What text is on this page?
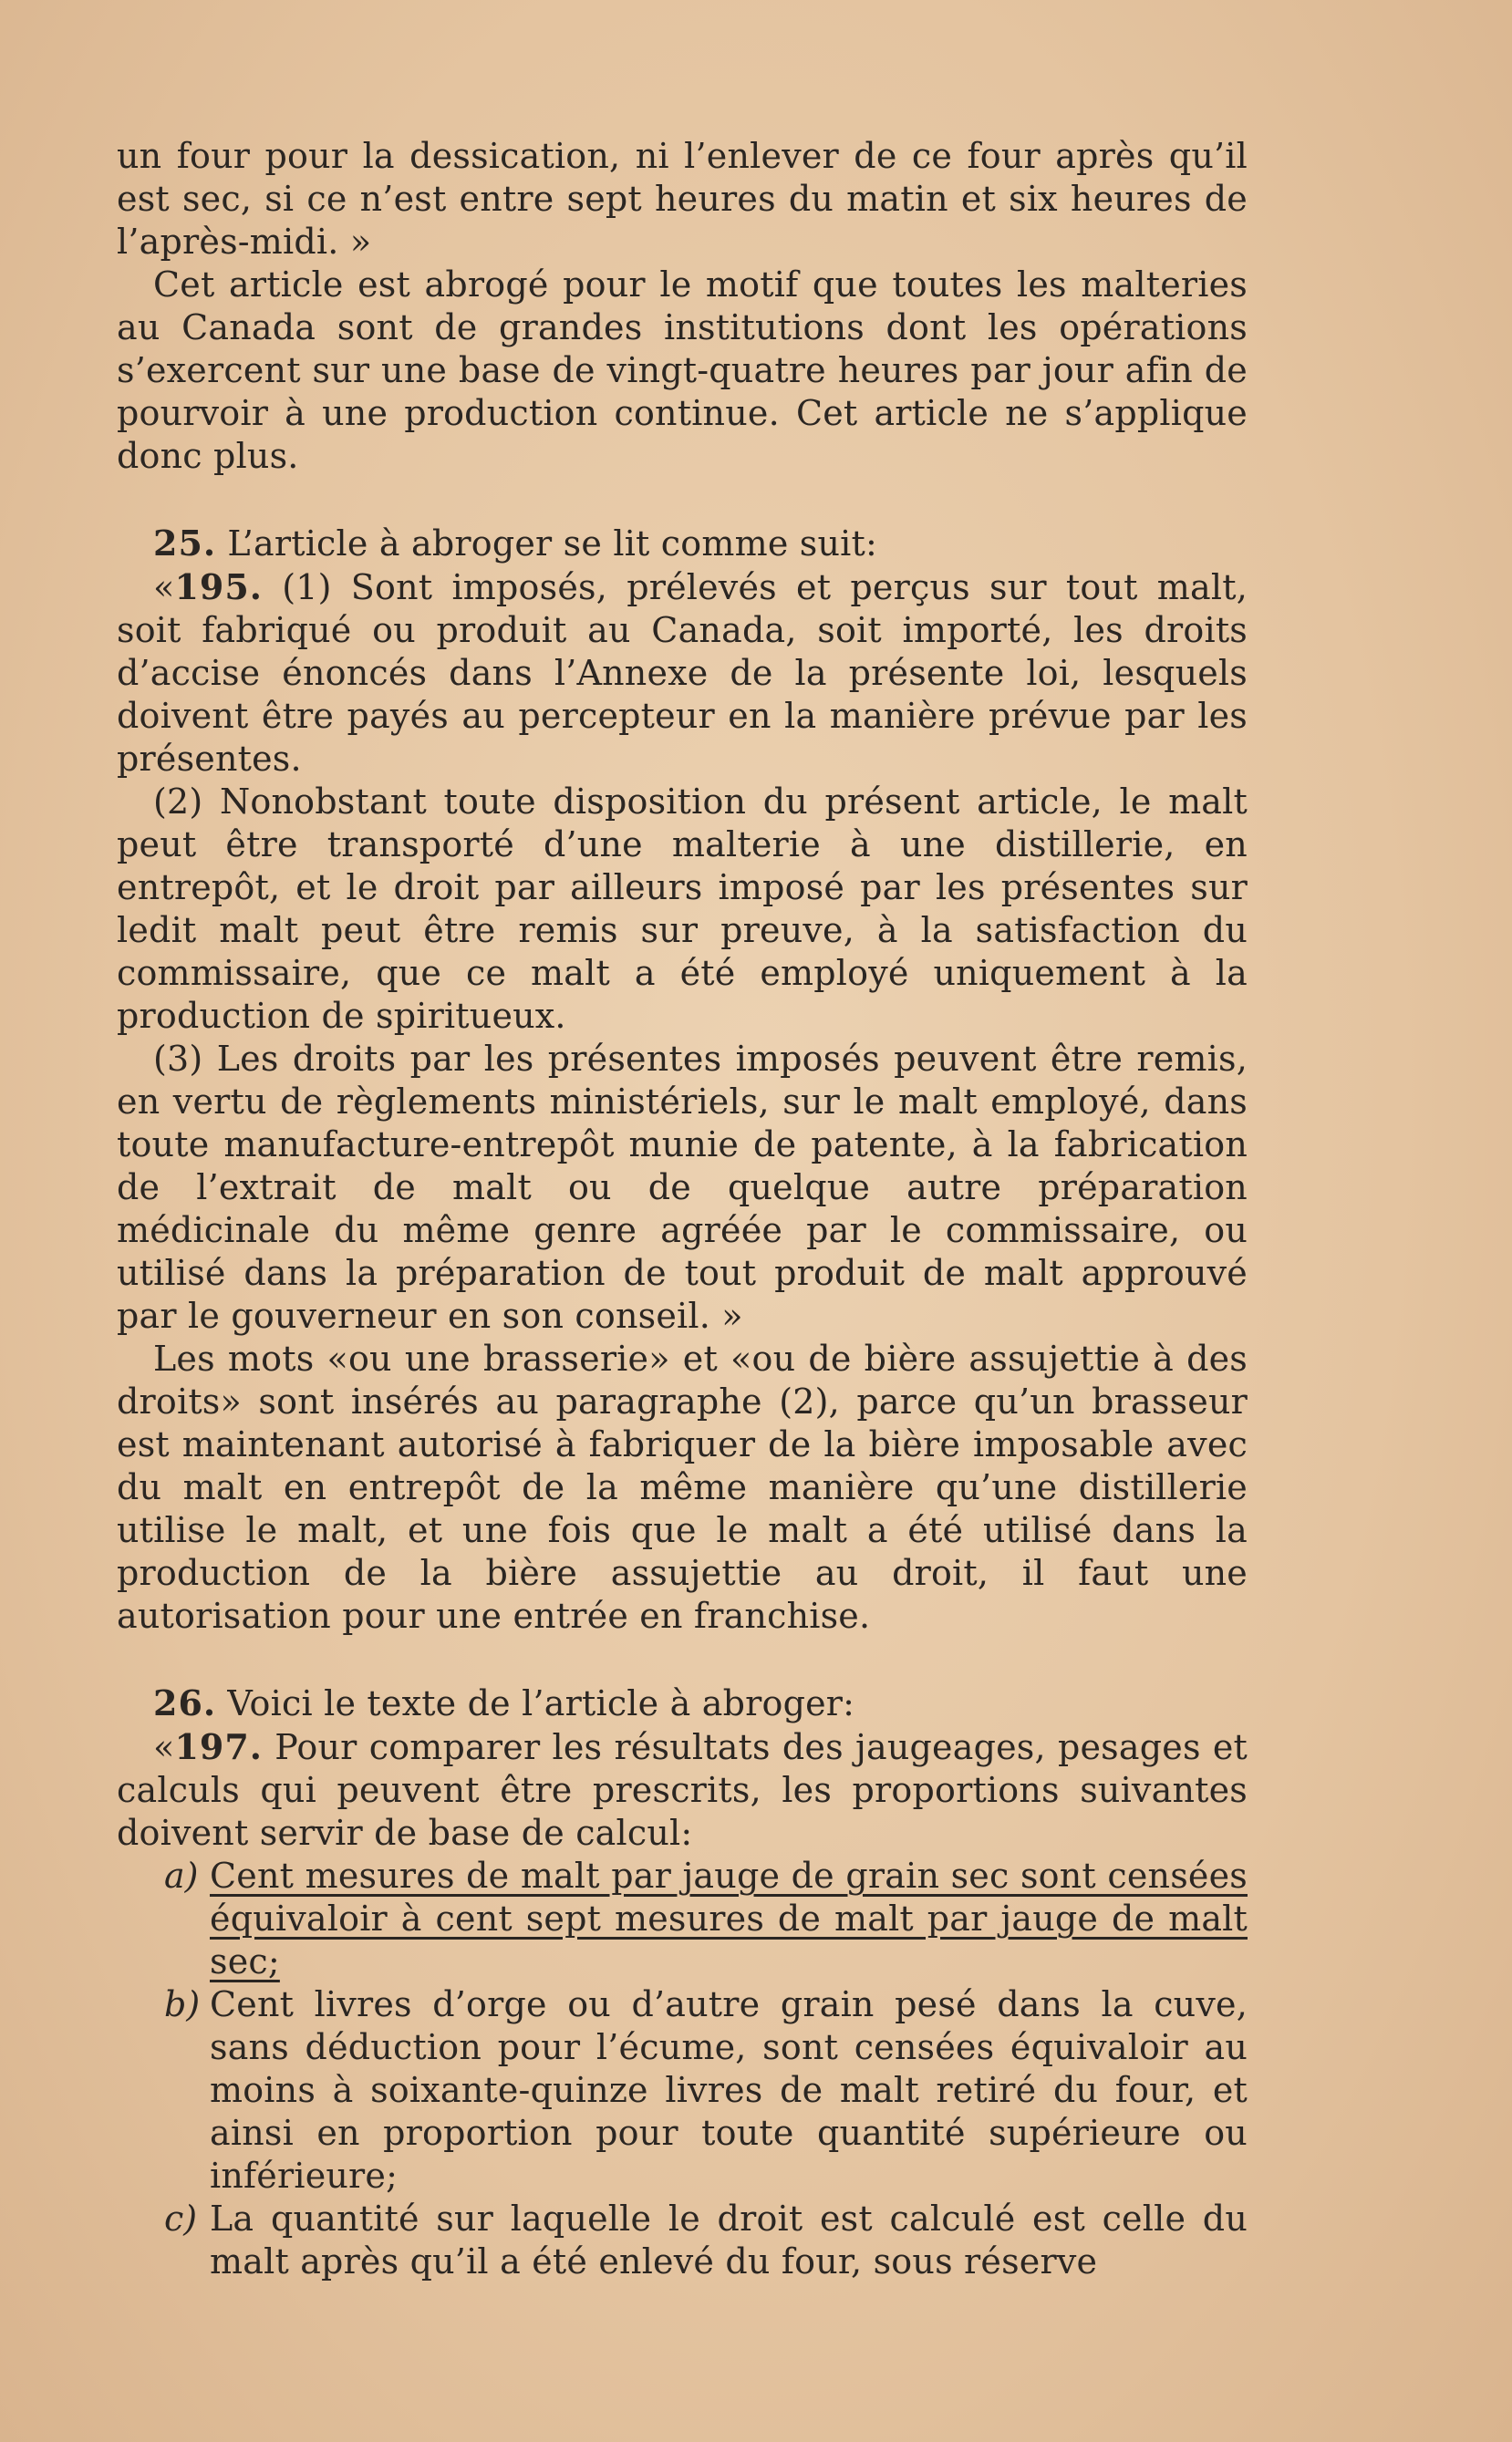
un four pour la dessication, ni l’enlever de ce four après qu’il est sec, si ce n’est entre sept heures du matin et six heures de l’après-midi. »

Cet article est abrogé pour le motif que toutes les malteries au Canada sont de grandes institutions dont les opérations s’exercent sur une base de vingt-quatre heures par jour afin de pourvoir à une production continue. Cet article ne s’applique donc plus.

25. L’article à abroger se lit comme suit:

«195. (1) Sont imposés, prélevés et perçus sur tout malt, soit fabriqué ou produit au Canada, soit importé, les droits d’accise énoncés dans l’Annexe de la présente loi, lesquels doivent être payés au percepteur en la manière prévue par les présentes.

(2) Nonobstant toute disposition du présent article, le malt peut être transporté d’une malterie à une distillerie, en entrepôt, et le droit par ailleurs imposé par les présentes sur ledit malt peut être remis sur preuve, à la satisfaction du commissaire, que ce malt a été employé uniquement à la production de spiritueux.

(3) Les droits par les présentes imposés peuvent être remis, en vertu de règlements ministériels, sur le malt employé, dans toute manufacture-entrepôt munie de patente, à la fabrication de l’extrait de malt ou de quelque autre préparation médicinale du même genre agréée par le commissaire, ou utilisé dans la préparation de tout produit de malt approuvé par le gouverneur en son conseil. »

Les mots «ou une brasserie» et «ou de bière assujettie à des droits» sont insérés au paragraphe (2), parce qu’un brasseur est maintenant autorisé à fabriquer de la bière imposable avec du malt en entrepôt de la même manière qu’une distillerie utilise le malt, et une fois que le malt a été utilisé dans la production de la bière assujettie au droit, il faut une autorisation pour une entrée en franchise.

26. Voici le texte de l’article à abroger:

«197. Pour comparer les résultats des jaugeages, pesages et calculs qui peuvent être prescrits, les proportions suivantes doivent servir de base de calcul:

a) Cent mesures de malt par jauge de grain sec sont censées équivaloir à cent sept mesures de malt par jauge de malt sec;

b) Cent livres d’orge ou d’autre grain pesé dans la cuve, sans déduction pour l’écume, sont censées équivaloir au moins à soixante-quinze livres de malt retiré du four, et ainsi en proportion pour toute quantité supérieure ou inférieure;

c) La quantité sur laquelle le droit est calculé est celle du malt après qu’il a été enlevé du four, sous réserve
